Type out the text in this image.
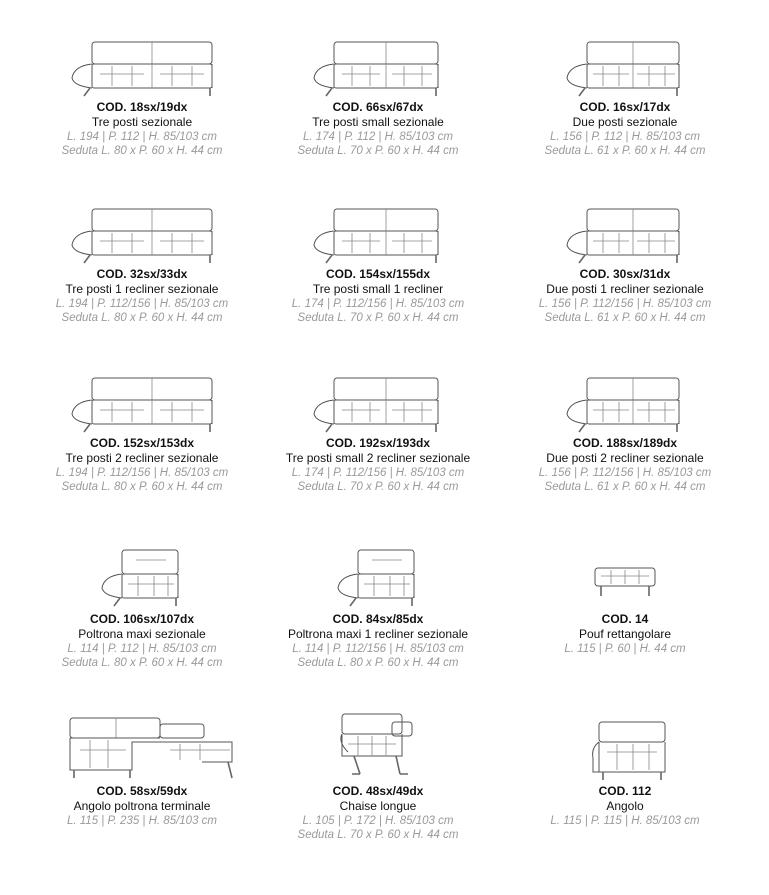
COD. 18sx/19dx
Tre posti sezionale
L. 194 | P. 112 | H. 85/103 cm
Seduta L. 80 x P. 60 x H. 44 cm
COD. 66sx/67dx
Tre posti small sezionale
L. 174 | P. 112 | H. 85/103 cm
Seduta L. 70 x P. 60 x H. 44 cm
COD. 16sx/17dx
Due posti sezionale
L. 156 | P. 112 | H. 85/103 cm
Seduta L. 61 x P. 60 x H. 44 cm
COD. 32sx/33dx
Tre posti 1 recliner sezionale
L. 194 | P. 112/156 | H. 85/103 cm
Seduta L. 80 x P. 60 x H. 44 cm
COD. 154sx/155dx
Tre posti small 1 recliner
L. 174 | P. 112/156 | H. 85/103 cm
Seduta L. 70 x P. 60 x H. 44 cm
COD. 30sx/31dx
Due posti 1 recliner sezionale
L. 156 | P. 112/156 | H. 85/103 cm
Seduta L. 61 x P. 60 x H. 44 cm
COD. 152sx/153dx
Tre posti 2 recliner sezionale
L. 194 | P. 112/156 | H. 85/103 cm
Seduta L. 80 x P. 60 x H. 44 cm
COD. 192sx/193dx
Tre posti small 2 recliner sezionale
L. 174 | P. 112/156 | H. 85/103 cm
Seduta L. 70 x P. 60 x H. 44 cm
COD. 188sx/189dx
Due posti 2 recliner sezionale
L. 156 | P. 112/156 | H. 85/103 cm
Seduta L. 61 x P. 60 x H. 44 cm
COD. 106sx/107dx
Poltrona maxi sezionale
L. 114 | P. 112 | H. 85/103 cm
Seduta L. 80 x P. 60 x H. 44 cm
COD. 84sx/85dx
Poltrona maxi 1 recliner sezionale
L. 114 | P. 112/156 | H. 85/103 cm
Seduta L. 80 x P. 60 x H. 44 cm
COD. 14
Pouf rettangolare
L. 115 | P. 60 | H. 44 cm
COD. 58sx/59dx
Angolo poltrona terminale
L. 115 | P. 235 | H. 85/103 cm
COD. 48sx/49dx
Chaise longue
L. 105 | P. 172 | H. 85/103 cm
Seduta L. 70 x P. 60 x H. 44 cm
COD. 112
Angolo
L. 115 | P. 115 | H. 85/103 cm
